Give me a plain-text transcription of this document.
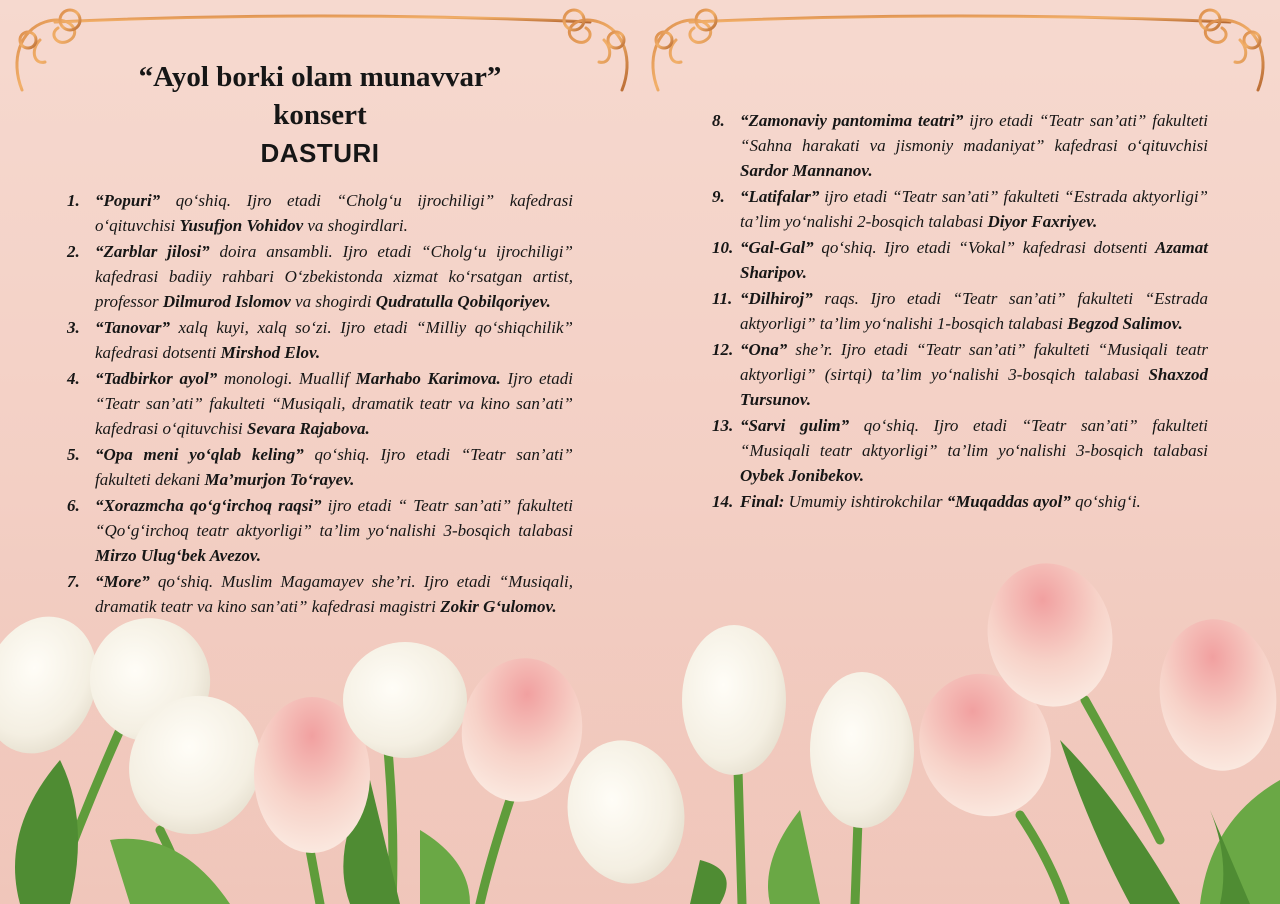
“Ayol borki olam munavvar”
konsert
DASTURI
1. “Popuri” qo‘shiq. Ijro etadi “Cholg‘u ijrochiligi” kafedrasi o‘qituvchisi Yusufjon Vohidov va shogirdlari.
2. “Zarblar jilosi” doira ansambli. Ijro etadi “Cholg‘u ijrochiligi” kafedrasi badiiy rahbari O‘zbekistonda xizmat ko‘rsatgan artist, professor Dilmurod Islomov va shogirdi Qudratulla Qobilqoriyev.
3. “Tanovar” xalq kuyi, xalq so‘zi. Ijro etadi “Milliy qo‘shiqchilik” kafedrasi dotsenti Mirshod Elov.
4. “Tadbirkor ayol” monologi. Muallif Marhabo Karimova. Ijro etadi “Teatr san’ati” fakulteti “Musiqali, dramatik teatr va kino san’ati” kafedrasi o‘qituvchisi Sevara Rajabova.
5. “Opa meni yo‘qlab keling” qo‘shiq. Ijro etadi “Teatr san’ati” fakulteti dekani Ma’murjon To‘rayev.
6. “Xorazmcha qo‘g‘irchoq raqsi” ijro etadi “ Teatr san’ati” fakulteti “Qo‘g‘irchoq teatr aktyorligi” ta’lim yo‘nalishi 3-bosqich talabasi Mirzo Ulug‘bek Avezov.
7. “More” qo‘shiq. Muslim Magamayev she’ri. Ijro etadi “Musiqali, dramatik teatr va kino san’ati” kafedrasi magistri Zokir G‘ulomov.
8. “Zamonaviy pantomima teatri” ijro etadi “Teatr san’ati” fakulteti “Sahna harakati va jismoniy madaniyat” kafedrasi o‘qituvchisi Sardor Mannanov.
9. “Latifalar” ijro etadi “Teatr san’ati” fakulteti “Estrada aktyorligi” ta’lim yo‘nalishi 2-bosqich talabasi Diyor Faxriyev.
10. “Gal-Gal” qo‘shiq. Ijro etadi “Vokal” kafedrasi dotsenti Azamat Sharipov.
11. “Dilhiroj” raqs. Ijro etadi “Teatr san’ati” fakulteti “Estrada aktyorligi” ta’lim yo‘nalishi 1-bosqich talabasi Begzod Salimov.
12. “Ona” she’r. Ijro etadi “Teatr san’ati” fakulteti “Musiqali teatr aktyorligi” (sirtqi) ta’lim yo‘nalishi 3-bosqich talabasi Shaxzod Tursunov.
13. “Sarvi gulim” qo‘shiq. Ijro etadi “Teatr san’ati” fakulteti “Musiqali teatr aktyorligi” ta’lim yo‘nalishi 3-bosqich talabasi Oybek Jonibekov.
14. Final: Umumiy ishtirokchilar “Muqaddas ayol” qo‘shig‘i.
